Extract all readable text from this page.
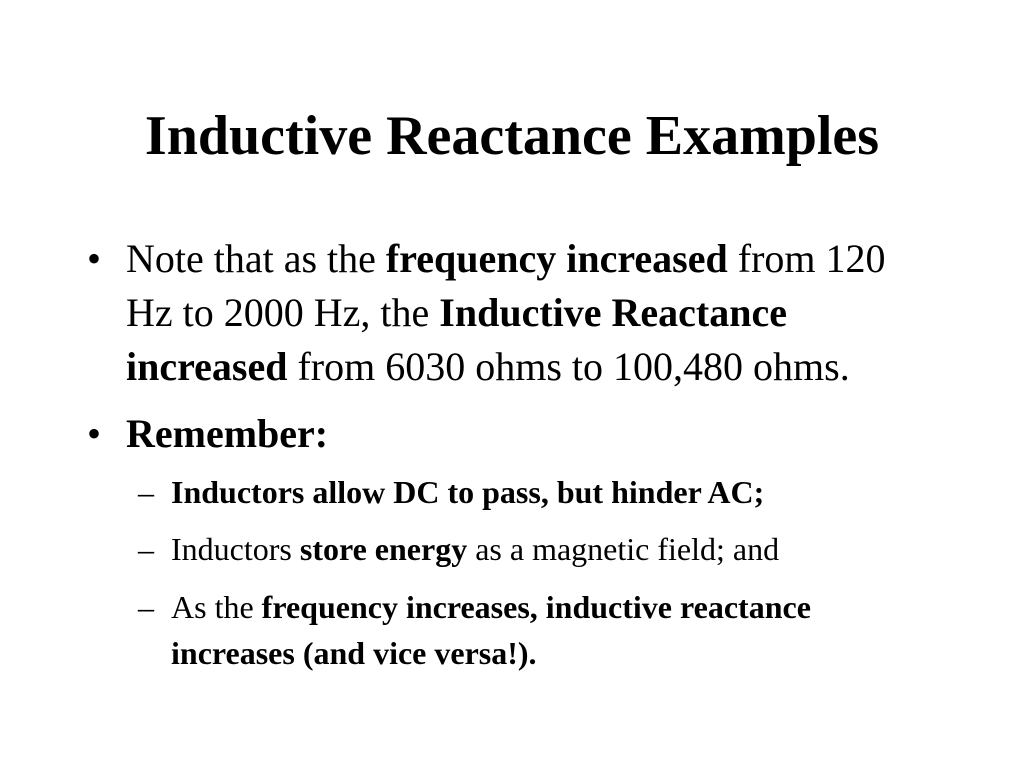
Inductive Reactance Examples
• Note that as the frequency increased from 120
Hz to 2000 Hz, the Inductive Reactance
increased from 6030 ohms to 100,480 ohms.
• Remember:
– Inductors allow DC to pass, but hinder AC;
– Inductors store energy as a magnetic field; and
– As the frequency increases, inductive reactance
increases (and vice versa!).
